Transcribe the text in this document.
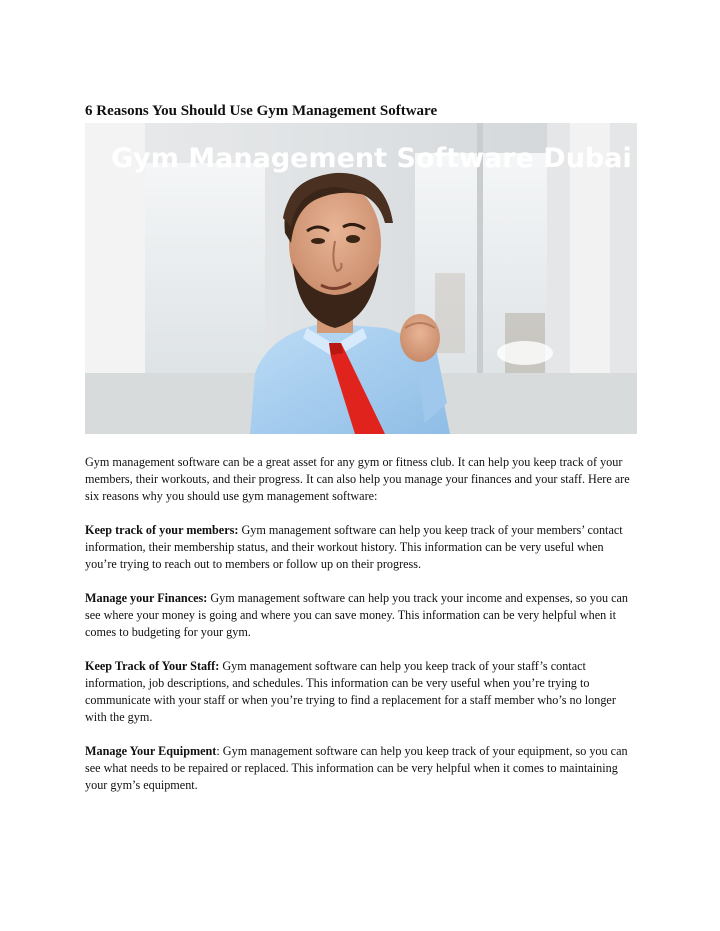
6 Reasons You Should Use Gym Management Software
Gym Management Software Dubai

Gym management software can be a great asset for any gym or fitness club. It can help you keep track of your members, their workouts, and their progress. It can also help you manage your finances and your staff. Here are six reasons why you should use gym management software:

Keep track of your members: Gym management software can help you keep track of your members’ contact information, their membership status, and their workout history. This information can be very useful when you’re trying to reach out to members or follow up on their progress.

Manage your Finances: Gym management software can help you track your income and expenses, so you can see where your money is going and where you can save money. This information can be very helpful when it comes to budgeting for your gym.

Keep Track of Your Staff: Gym management software can help you keep track of your staff’s contact information, job descriptions, and schedules. This information can be very useful when you’re trying to communicate with your staff or when you’re trying to find a replacement for a staff member who’s no longer with the gym.

Manage Your Equipment: Gym management software can help you keep track of your equipment, so you can see what needs to be repaired or replaced. This information can be very helpful when it comes to maintaining your gym’s equipment.
